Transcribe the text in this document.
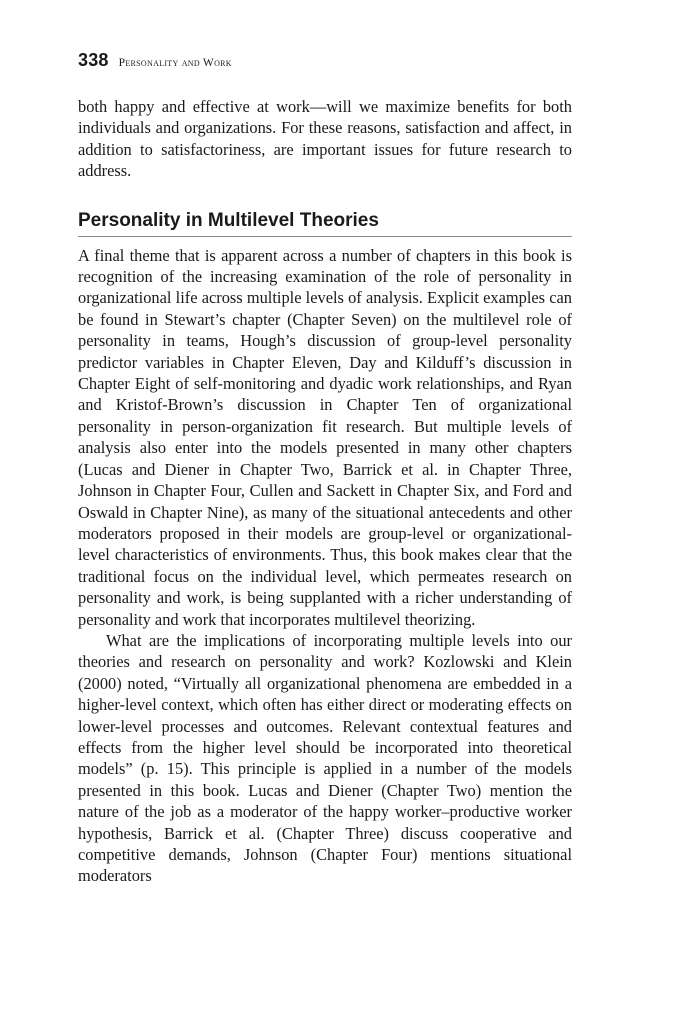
338 Personality and Work

both happy and effective at work—will we maximize benefits for both individuals and organizations. For these reasons, satisfaction and affect, in addition to satisfactoriness, are important issues for future research to address.

Personality in Multilevel Theories

A final theme that is apparent across a number of chapters in this book is recognition of the increasing examination of the role of personality in organizational life across multiple levels of analysis. Explicit examples can be found in Stewart’s chapter (Chapter Seven) on the multilevel role of personality in teams, Hough’s discussion of group-level personality predictor variables in Chapter Eleven, Day and Kilduff’s discussion in Chapter Eight of self-monitoring and dyadic work relationships, and Ryan and Kristof-Brown’s discussion in Chapter Ten of organizational personality in person-organization fit research. But multiple levels of analysis also enter into the models presented in many other chapters (Lucas and Diener in Chapter Two, Barrick et al. in Chapter Three, Johnson in Chapter Four, Cullen and Sackett in Chapter Six, and Ford and Oswald in Chapter Nine), as many of the situational antecedents and other moderators proposed in their models are group-level or organizational-level characteristics of environments. Thus, this book makes clear that the traditional focus on the individual level, which permeates research on personality and work, is being supplanted with a richer understanding of personality and work that incorporates multilevel theorizing.

What are the implications of incorporating multiple levels into our theories and research on personality and work? Kozlowski and Klein (2000) noted, “Virtually all organizational phenomena are embedded in a higher-level context, which often has either direct or moderating effects on lower-level processes and outcomes. Relevant contextual features and effects from the higher level should be incorporated into theoretical models” (p. 15). This principle is applied in a number of the models presented in this book. Lucas and Diener (Chapter Two) mention the nature of the job as a moderator of the happy worker–productive worker hypothesis, Barrick et al. (Chapter Three) discuss cooperative and competitive demands, Johnson (Chapter Four) mentions situational moderators
